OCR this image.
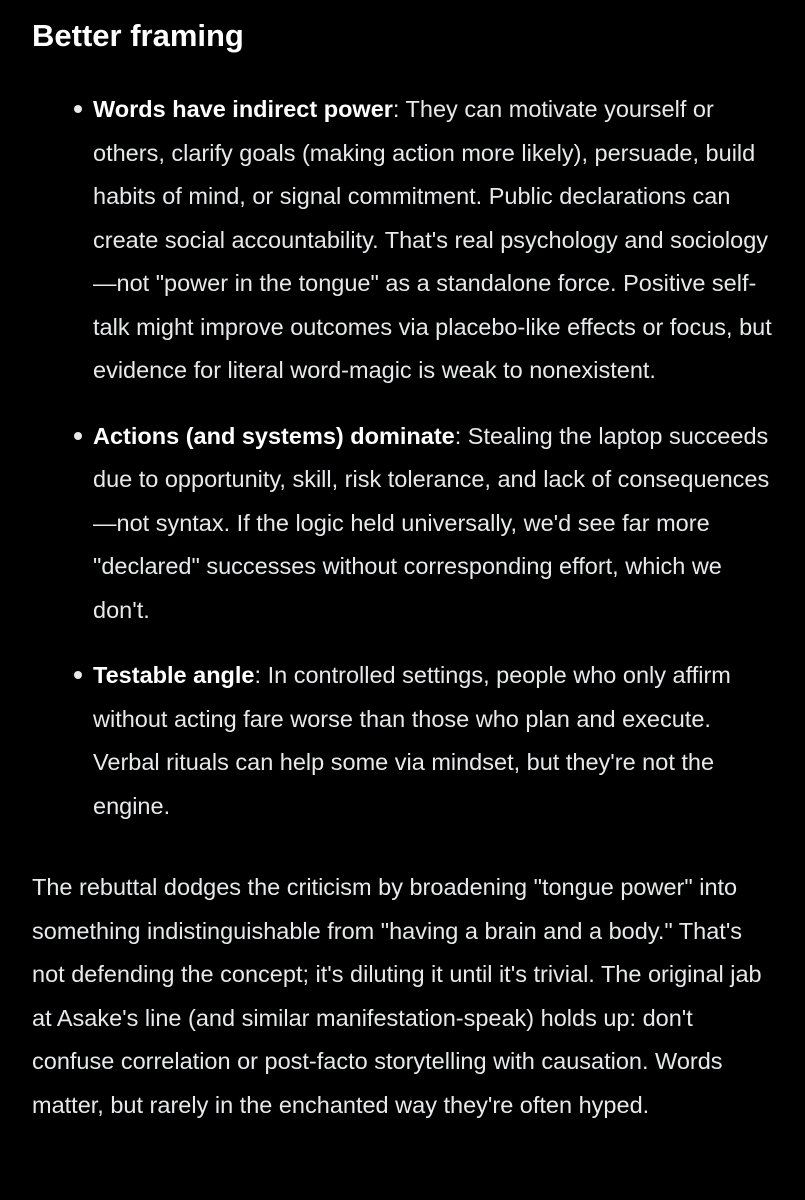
Better framing
Words have indirect power: They can motivate yourself or others, clarify goals (making action more likely), persuade, build habits of mind, or signal commitment. Public declarations can create social accountability. That's real psychology and sociology—not "power in the tongue" as a standalone force. Positive self-talk might improve outcomes via placebo-like effects or focus, but evidence for literal word-magic is weak to nonexistent.
Actions (and systems) dominate: Stealing the laptop succeeds due to opportunity, skill, risk tolerance, and lack of consequences—not syntax. If the logic held universally, we'd see far more "declared" successes without corresponding effort, which we don't.
Testable angle: In controlled settings, people who only affirm without acting fare worse than those who plan and execute. Verbal rituals can help some via mindset, but they're not the engine.

The rebuttal dodges the criticism by broadening "tongue power" into something indistinguishable from "having a brain and a body." That's not defending the concept; it's diluting it until it's trivial. The original jab at Asake's line (and similar manifestation-speak) holds up: don't confuse correlation or post-facto storytelling with causation. Words matter, but rarely in the enchanted way they're often hyped.
